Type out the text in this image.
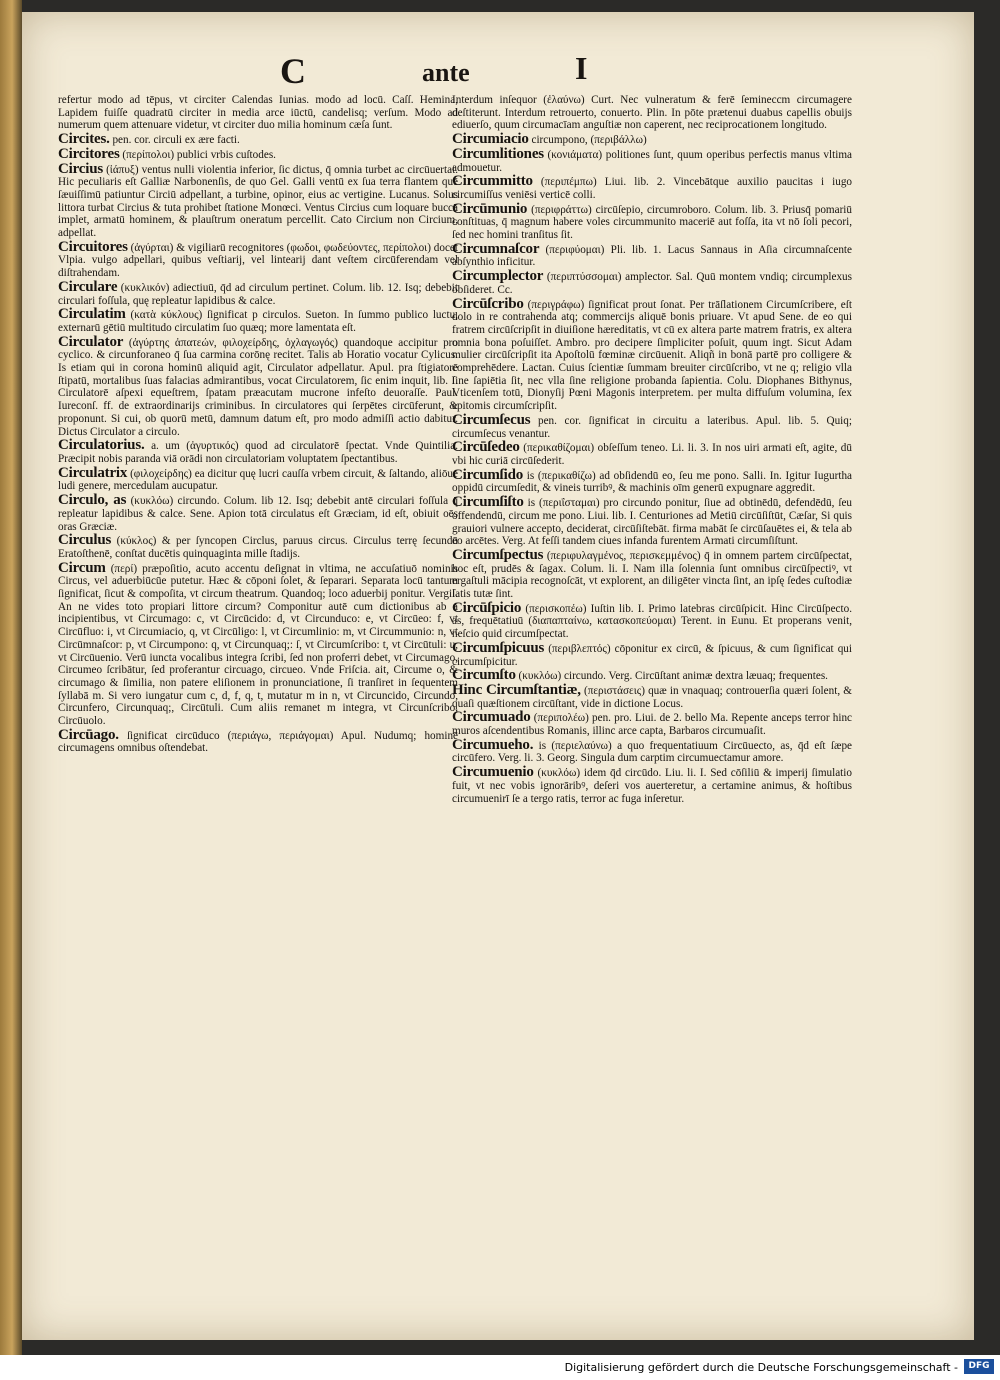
C	ante	I
refertur modo ad tēpus, vt circiter Calendas Iunias. modo ad locū. Caſſ. Hemina, Lapidem fuiſſe quadratū circiter in media arce iūctū, candelisq; verſum. Modo ad numerum quem attenuare videtur, vt circiter duo milia hominum cæſa ſunt.
Circites. pen. cor. circuli ex ære facti.
Circitores (περίπολοι) publici vrbis cuſtodes.
Circius (ἰάπυξ) ventus nulli violentia inferior, ſic dictus, q̄ omnia turbet ac circūuertat. Hic peculiaris eſt Galliæ Narbonenſis, de quo Gel. Galli ventū ex ſua terra flantem quē ſæuiſſimū patiuntur Circiū adpellant, a turbine, opinor, eius ac vertigine. Lucanus. Solus littora turbat Circius & tuta prohibet ſtatione Monœci. Ventus Circius cum loquare buccā implet, armatū hominem, & plauſtrum oneratum percellit. Cato Circium non Circium, adpellat.
Circuitores (ἀγύρται) & vigiliarū recognitores (φωδοι, φωδεύοντες, περίπολοι) docet Vlpia. vulgo adpellari, quibus veſtiarij, vel lintearij dant veſtem circūferendam vel diſtrahendam.
Circulare (κυκλικόν) adiectiuū, q̄d ad circulum pertinet. Colum. lib. 12. Isq; debebit circulari foſſula, quę repleatur lapidibus & calce.
Circulatim (κατὰ κύκλους) ſignificat p circulos. Sueton. In ſummo publico luctu, externarū gētiū multitudo circulatim ſuo quæq; more lamentata eſt.
Circulator (ἀγύρτης ἀπατεών, φιλοχείρδης, ὀχλαγωγός) quandoque accipitur pro cyclico. & circunforaneo q̄ ſua carmina corōnę recitet. Talis ab Horatio vocatur Cylicus. Is etiam qui in corona hominū aliquid agit, Circulator adpellatur. Apul. pra ſtigiatorē ſtipatū, mortalibus ſuas falacias admirantibus, vocat Circulatorem, ſic enim inquit, lib. I. Circulatorē aſpexi equeſtrem, ſpatam præacutam mucrone infeſto deuoraſſe. Paul. Iureconſ. ff. de extraordinarijs criminibus. In circulatores qui ſerpētes circūferunt, & proponunt. Si cui, ob quorū metū, damnum datum eſt, pro modo admiſſi actio dabitur. Dictus Circulator a circulo.
Circulatorius. a. um (ἀγυρτικός) quod ad circulatorē ſpectat. Vnde Quintilia. Præcipit nobis paranda viā orādi non circulatoriam voluptatem ſpectantibus.
Circulatrix (φιλοχείρδης) ea dicitur quę lucri cauſſa vrbem circuit, & ſaltando, aliōue ludi genere, mercedulam aucupatur.
Circulo, as (κυκλόω) circundo. Colum. lib 12. Isq; debebit antē circulari foſſula q̄ repleatur lapidibus & calce. Sene. Apion totā circulatus eſt Græciam, id eſt, obiuit oēs oras Græciæ.
Circulus (κύκλος) & per ſyncopen Circlus, paruus circus. Circulus terrę ſecundū Eratoſthenē, conſtat ducētis quinquaginta mille ſtadijs.
Circum (περί) præpoſitio, acuto accentu deſignat in vltima, ne accuſatiuō nominis Circus, vel aduerbiūcūe putetur. Hæc & cōponi ſolet, & ſeparari. Separata locū tantum ſignificat, ſicut & compoſita, vt circum theatrum. Quandoq; loco aduerbij ponitur. Vergil. An ne vides toto propiari littore circum? Componitur autē cum dictionibus ab a incipientibus, vt Circumago: c, vt Circūcido: d, vt Circunduco: e, vt Circūeo: f, vt Circūfluo: i, vt Circumiacio, q, vt Circūligo: l, vt Circumlinio: m, vt Circummunio: n, vt Circūmnaſcor: p, vt Circumpono: q, vt Circunquaq;: ſ, vt Circumſcribo: t, vt Circūtuli: u, vt Circūuenio. Verū iuncta vocalibus integra ſcribi, ſed non proferri debet, vt Circumago, Circumeo ſcribātur, ſed proferantur circuago, circueo. Vnde Friſcia. ait, Circume o, & circumago & ſimilia, non patere eliſionem in pronunciatione, ſi tranſiret in ſequentem ſyllabā m. Si vero iungatur cum c, d, f, q, t, mutatur m in n, vt Circuncido, Circundo, Circunfero, Circunquaq;, Circūtuli. Cum aliis remanet m integra, vt Circunſcribo, Circūuolo.
Circūago. ſignificat circūduco (περιάγω, περιάγομαι) Apul. Nudumq; hominē circumagens omnibus oſtendebat.
Interdum inſequor (ἐλαύνω) Curt. Nec vulneratum & ferē ſemineccm circumagere deſtiterunt. Interdum retrouerto, conuerto. Plin. In pōte prætenui duabus capellis obuijs ediuerſo, quum circumacīam anguſtiæ non caperent, nec reciprocationem longitudo.
Circumiacio circumpono, (περιβάλλω)
Circumlitiones (κονιάματα) politiones ſunt, quum operibus perfectis manus vltima admouetur.
Circummitto (περιπέμπω) Liui. lib. 2. Vincebātque auxilio paucitas i iugo circumiſſus veniēsi verticē colli.
Circūmunio (περιφράττω) circūſepio, circumroboro. Colum. lib. 3. Priusq̄ pomariū conſtituas, q̄ magnum habere voles circummunito maceriē aut foſſa, ita vt nō ſoli pecori, ſed nec homini tranſitus ſit.
Circumnaſcor (περιφύομαι) Pli. lib. 1. Lacus Sannaus in Aſia circumnaſcente abſynthio inficitur.
Circumplector (περιπτύσσομαι) amplector. Sal. Quū montem vndiq; circumplexus obſideret. Cc.
Circūſcribo (περιγράφω) ſignificat prout ſonat. Per trāſlationem Circumſcribere, eſt dolo in re contrahenda atq; commercijs aliquē bonis priuare. Vt apud Sene. de eo qui fratrem circūſcripſit in diuiſione hæreditatis, vt cū ex altera parte matrem fratris, ex altera omnia bona poſuiſſet. Ambro. pro decipere ſimpliciter poſuit, quum ingt. Sicut Adam mulier circūſcripſit ita Apoſtolū fœminæ circūuenit. Aliqñ in bonā partē pro colligere & comprehēdere. Lactan. Cuius ſcientiæ ſummam breuiter circūſcribo, vt ne q; religio vlla ſine ſapiētia ſit, nec vlla ſine religione probanda ſapientia. Colu. Diophanes Bithynus, Vticenſem totū, Dionyſij Pœni Magonis interpretem. per multa diffuſum volumina, ſex epitomis circumſcripſit.
Circumſecus pen. cor. ſignificat in circuitu a lateribus. Apul. lib. 5. Quiq; circumſecus venantur.
Circūſedeo (περικαθίζομαι) obſeſſum teneo. Li. li. 3. In nos uiri armati eſt, agite, dū vbi hic curiā circūſederit.
Circumſido is (περικαθίζω) ad obſidendū eo, ſeu me pono. Salli. In. Igitur Iugurtha oppidū circumſedit, & vineis turribꝰ, & machinis oīm generū expugnare aggredit.
Circumſiſto is (περιΐσταμαι) pro circundo ponitur, ſiue ad obtinēdū, defendēdū, ſeu offendendū, circum me pono. Liui. lib. I. Centuriones ad Metiū circūſiſtūt, Cæſar, Si quis grauiori vulnere accepto, deciderat, circūſiſtebāt. firma mabāt ſe circūſauētes ei, & tela ab eo arcētes. Verg. At feſſi tandem ciues infanda furentem Armati circumſiſtunt.
Circumſpectus (περιφυλαγμένος, περισκεμμένος) q̄ in omnem partem circūſpectat, hoc eſt, prudēs & ſagax. Colum. li. I. Nam illa ſolennia ſunt omnibus circūſpectiꝰ, vt ergaſtuli mācipia recognoſcāt, vt explorent, an diligēter vincta ſint, an ipſę ſedes cuſtodiæ ſatis tutæ ſint.
Circūſpicio (περισκοπέω) Iuſtin lib. I. Primo latebras circūſpicit. Hinc Circūſpecto. as, frequētatiuū (διαπαπταίνω, κατασκοπεύομαι) Terent. in Eunu. Et properans venit, neſcio quid circumſpectat.
Circumſpicuus (περιβλεπτός) cōponitur ex circū, & ſpicuus, & cum ſignificat qui circumſpicitur.
Circumſto (κυκλόω) circundo. Verg. Circūſtant animæ dextra læuaq; frequentes.
Hinc Circumſtantiæ, (περιστάσεις) quæ in vnaquaq; controuerſia quæri ſolent, & quaſi quæſtionem circūſtant, vide in dictione Locus.
Circumuado (περιπολέω) pen. pro. Liui. de 2. bello Ma. Repente anceps terror hinc muros aſcendentibus Romanis, illinc arce capta, Barbaros circumuaſit.
Circumueho. is (περιελαύνω) a quo frequentatiuum Circūuecto, as, q̄d eſt ſæpe circūfero. Verg. li. 3. Georg. Singula dum carptim circumuectamur amore.
Circumuenio (κυκλόω) idem q̄d circūdo. Liu. li. I. Sed cōſiliū & imperij ſimulatio fuit, vt nec vobis ignorāribꝰ, deſeri vos auerteretur, a certamine animus, & hoſtibus circumuenirī ſe a tergo ratis, terror ac fuga inſeretur.
Digitalisierung gefördert durch die Deutsche Forschungsgemeinschaft -	DFG
